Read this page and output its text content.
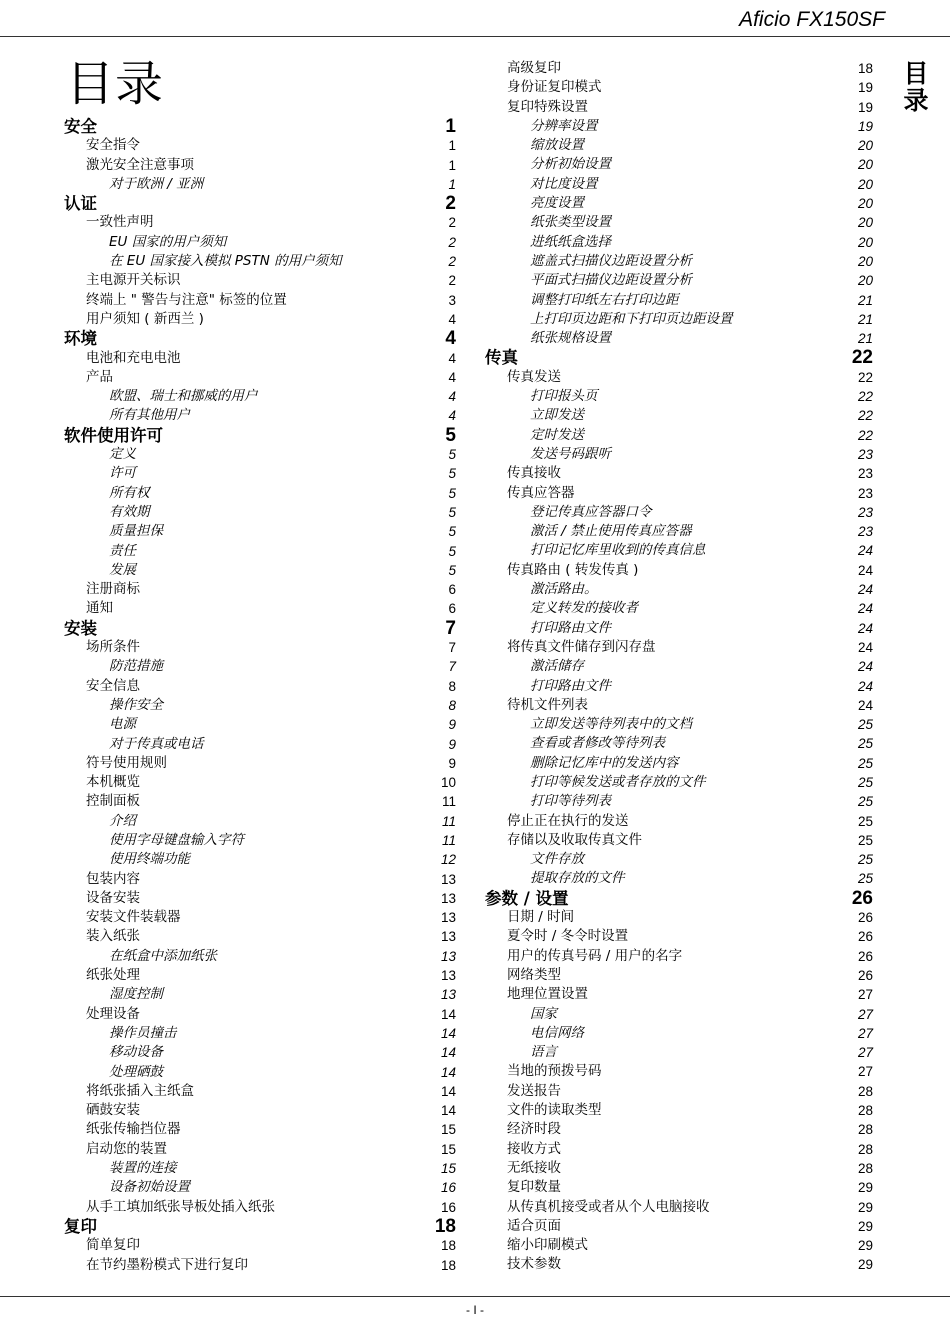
Aficio FX150SF
目录	目录
安全	1
安全指令	1
激光安全注意事项	1
对于欧洲 / 亚洲	1
认证	2
一致性声明	2
EU 国家的用户须知	2
在 EU 国家接入模拟 PSTN 的用户须知	2
主电源开关标识	2
终端上 " 警告与注意" 标签的位置	3
用户须知 ( 新西兰 )	4
环境	4
电池和充电电池	4
产品	4
欧盟、瑞士和挪威的用户	4
所有其他用户	4
软件使用许可	5
定义	5
许可	5
所有权	5
有效期	5
质量担保	5
责任	5
发展	5
注册商标	6
通知	6
安装	7
场所条件	7
防范措施	7
安全信息	8
操作安全	8
电源	9
对于传真或电话	9
符号使用规则	9
本机概览	10
控制面板	11
介绍	11
使用字母键盘输入字符	11
使用终端功能	12
包装内容	13
设备安装	13
安装文件装载器	13
装入纸张	13
在纸盒中添加纸张	13
纸张处理	13
湿度控制	13
处理设备	14
操作员撞击	14
移动设备	14
处理硒鼓	14
将纸张插入主纸盒	14
硒鼓安装	14
纸张传输挡位器	15
启动您的装置	15
装置的连接	15
设备初始设置	16
从手工填加纸张导板处插入纸张	16
复印	18
简单复印	18
在节约墨粉模式下进行复印	18
高级复印	18
身份证复印模式	19
复印特殊设置	19
分辨率设置	19
缩放设置	20
分析初始设置	20
对比度设置	20
亮度设置	20
纸张类型设置	20
进纸纸盒选择	20
遮盖式扫描仪边距设置分析	20
平面式扫描仪边距设置分析	20
调整打印纸左右打印边距	21
上打印页边距和下打印页边距设置	21
纸张规格设置	21
传真	22
传真发送	22
打印报头页	22
立即发送	22
定时发送	22
发送号码跟听	23
传真接收	23
传真应答器	23
登记传真应答器口令	23
激活 / 禁止使用传真应答器	23
打印记忆库里收到的传真信息	24
传真路由 ( 转发传真 )	24
激活路由。	24
定义转发的接收者	24
打印路由文件	24
将传真文件储存到闪存盘	24
激活储存	24
打印路由文件	24
待机文件列表	24
立即发送等待列表中的文档	25
查看或者修改等待列表	25
删除记忆库中的发送内容	25
打印等候发送或者存放的文件	25
打印等待列表	25
停止正在执行的发送	25
存储以及收取传真文件	25
文件存放	25
提取存放的文件	25
参数 / 设置	26
日期 / 时间	26
夏令时 / 冬令时设置	26
用户的传真号码 / 用户的名字	26
网络类型	26
地理位置设置	27
国家	27
电信网络	27
语言	27
当地的预拨号码	27
发送报告	28
文件的读取类型	28
经济时段	28
接收方式	28
无纸接收	28
复印数量	29
从传真机接受或者从个人电脑接收	29
适合页面	29
缩小印刷模式	29
技术参数	29
- I -
